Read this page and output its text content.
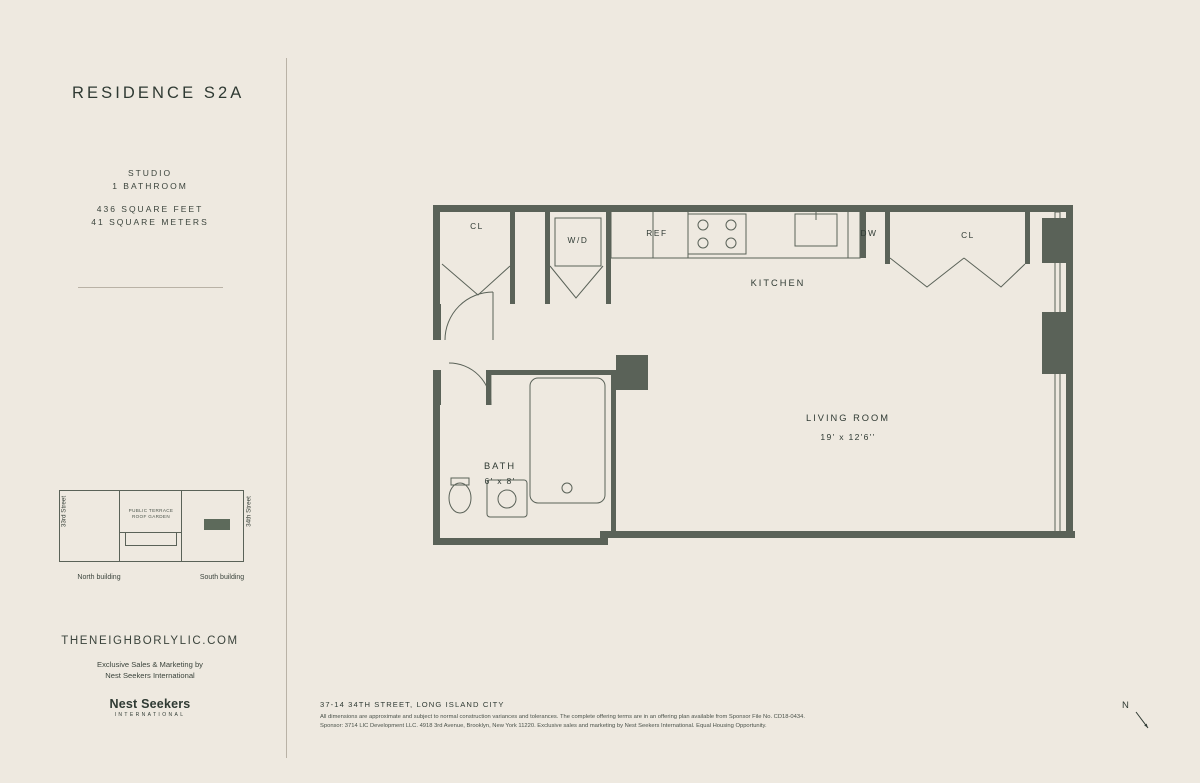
RESIDENCE S2A
STUDIO
1 BATHROOM
436 SQUARE FEET
41 SQUARE METERS
PUBLIC TERRACE
ROOF GARDEN
33rd Street	34th Street
North building	South building
THENEIGHBORLYLIC.COM
Exclusive Sales & Marketing by
Nest Seekers International
Nest Seekers
INTERNATIONAL
37-14 34TH STREET, LONG ISLAND CITY
All dimensions are approximate and subject to normal construction variances and tolerances. The complete offering terms are in an offering plan available from Sponsor File No. CD18-0434.
Sponsor: 3714 LIC Development LLC. 4918 3rd Avenue, Brooklyn, New York 11220. Exclusive sales and marketing by Nest Seekers International. Equal Housing Opportunity.
N
CL
W/D
REF	DW	CL
KITCHEN
LIVING ROOM
19' x 12'6''
BATH
6' x 8'
